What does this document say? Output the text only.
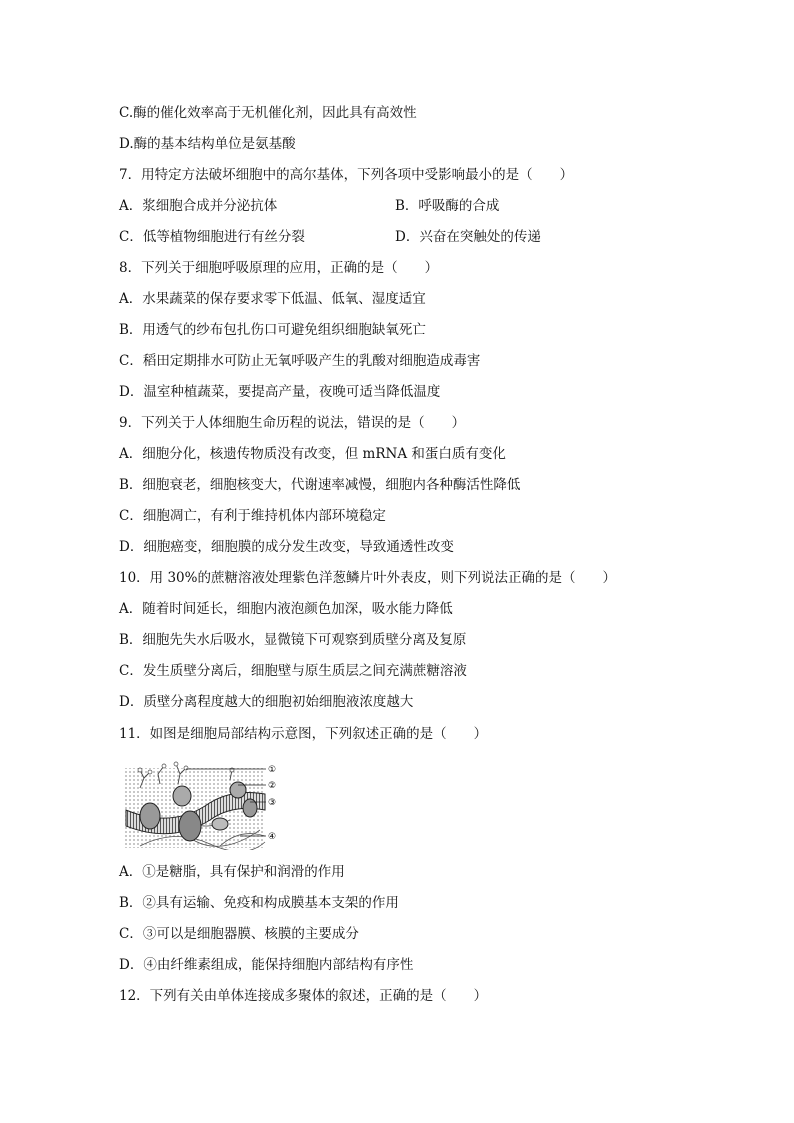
C.酶的催化效率高于无机催化剂，因此具有高效性
D.酶的基本结构单位是氨基酸
7．用特定方法破坏细胞中的高尔基体，下列各项中受影响最小的是（　　）
A．浆细胞合成并分泌抗体	B．呼吸酶的合成
C．低等植物细胞进行有丝分裂	D．兴奋在突触处的传递
8．下列关于细胞呼吸原理的应用，正确的是（　　）
A．水果蔬菜的保存要求零下低温、低氧、湿度适宜
B．用透气的纱布包扎伤口可避免组织细胞缺氧死亡
C．稻田定期排水可防止无氧呼吸产生的乳酸对细胞造成毒害
D．温室种植蔬菜，要提高产量，夜晚可适当降低温度
9．下列关于人体细胞生命历程的说法，错误的是（　　）
A．细胞分化，核遗传物质没有改变，但 mRNA 和蛋白质有变化
B．细胞衰老，细胞核变大，代谢速率减慢，细胞内各种酶活性降低
C．细胞凋亡，有利于维持机体内部环境稳定
D．细胞癌变，细胞膜的成分发生改变，导致通透性改变
10．用 30%的蔗糖溶液处理紫色洋葱鳞片叶外表皮，则下列说法正确的是（　　）
A．随着时间延长，细胞内液泡颜色加深，吸水能力降低
B．细胞先失水后吸水，显微镜下可观察到质壁分离及复原
C．发生质壁分离后，细胞壁与原生质层之间充满蔗糖溶液
D．质壁分离程度越大的细胞初始细胞液浓度越大
11．如图是细胞局部结构示意图，下列叙述正确的是（　　）
①
②
③
④
A．①是糖脂，具有保护和润滑的作用
B．②具有运输、免疫和构成膜基本支架的作用
C．③可以是细胞器膜、核膜的主要成分
D．④由纤维素组成，能保持细胞内部结构有序性
12．下列有关由单体连接成多聚体的叙述，正确的是（　　）
